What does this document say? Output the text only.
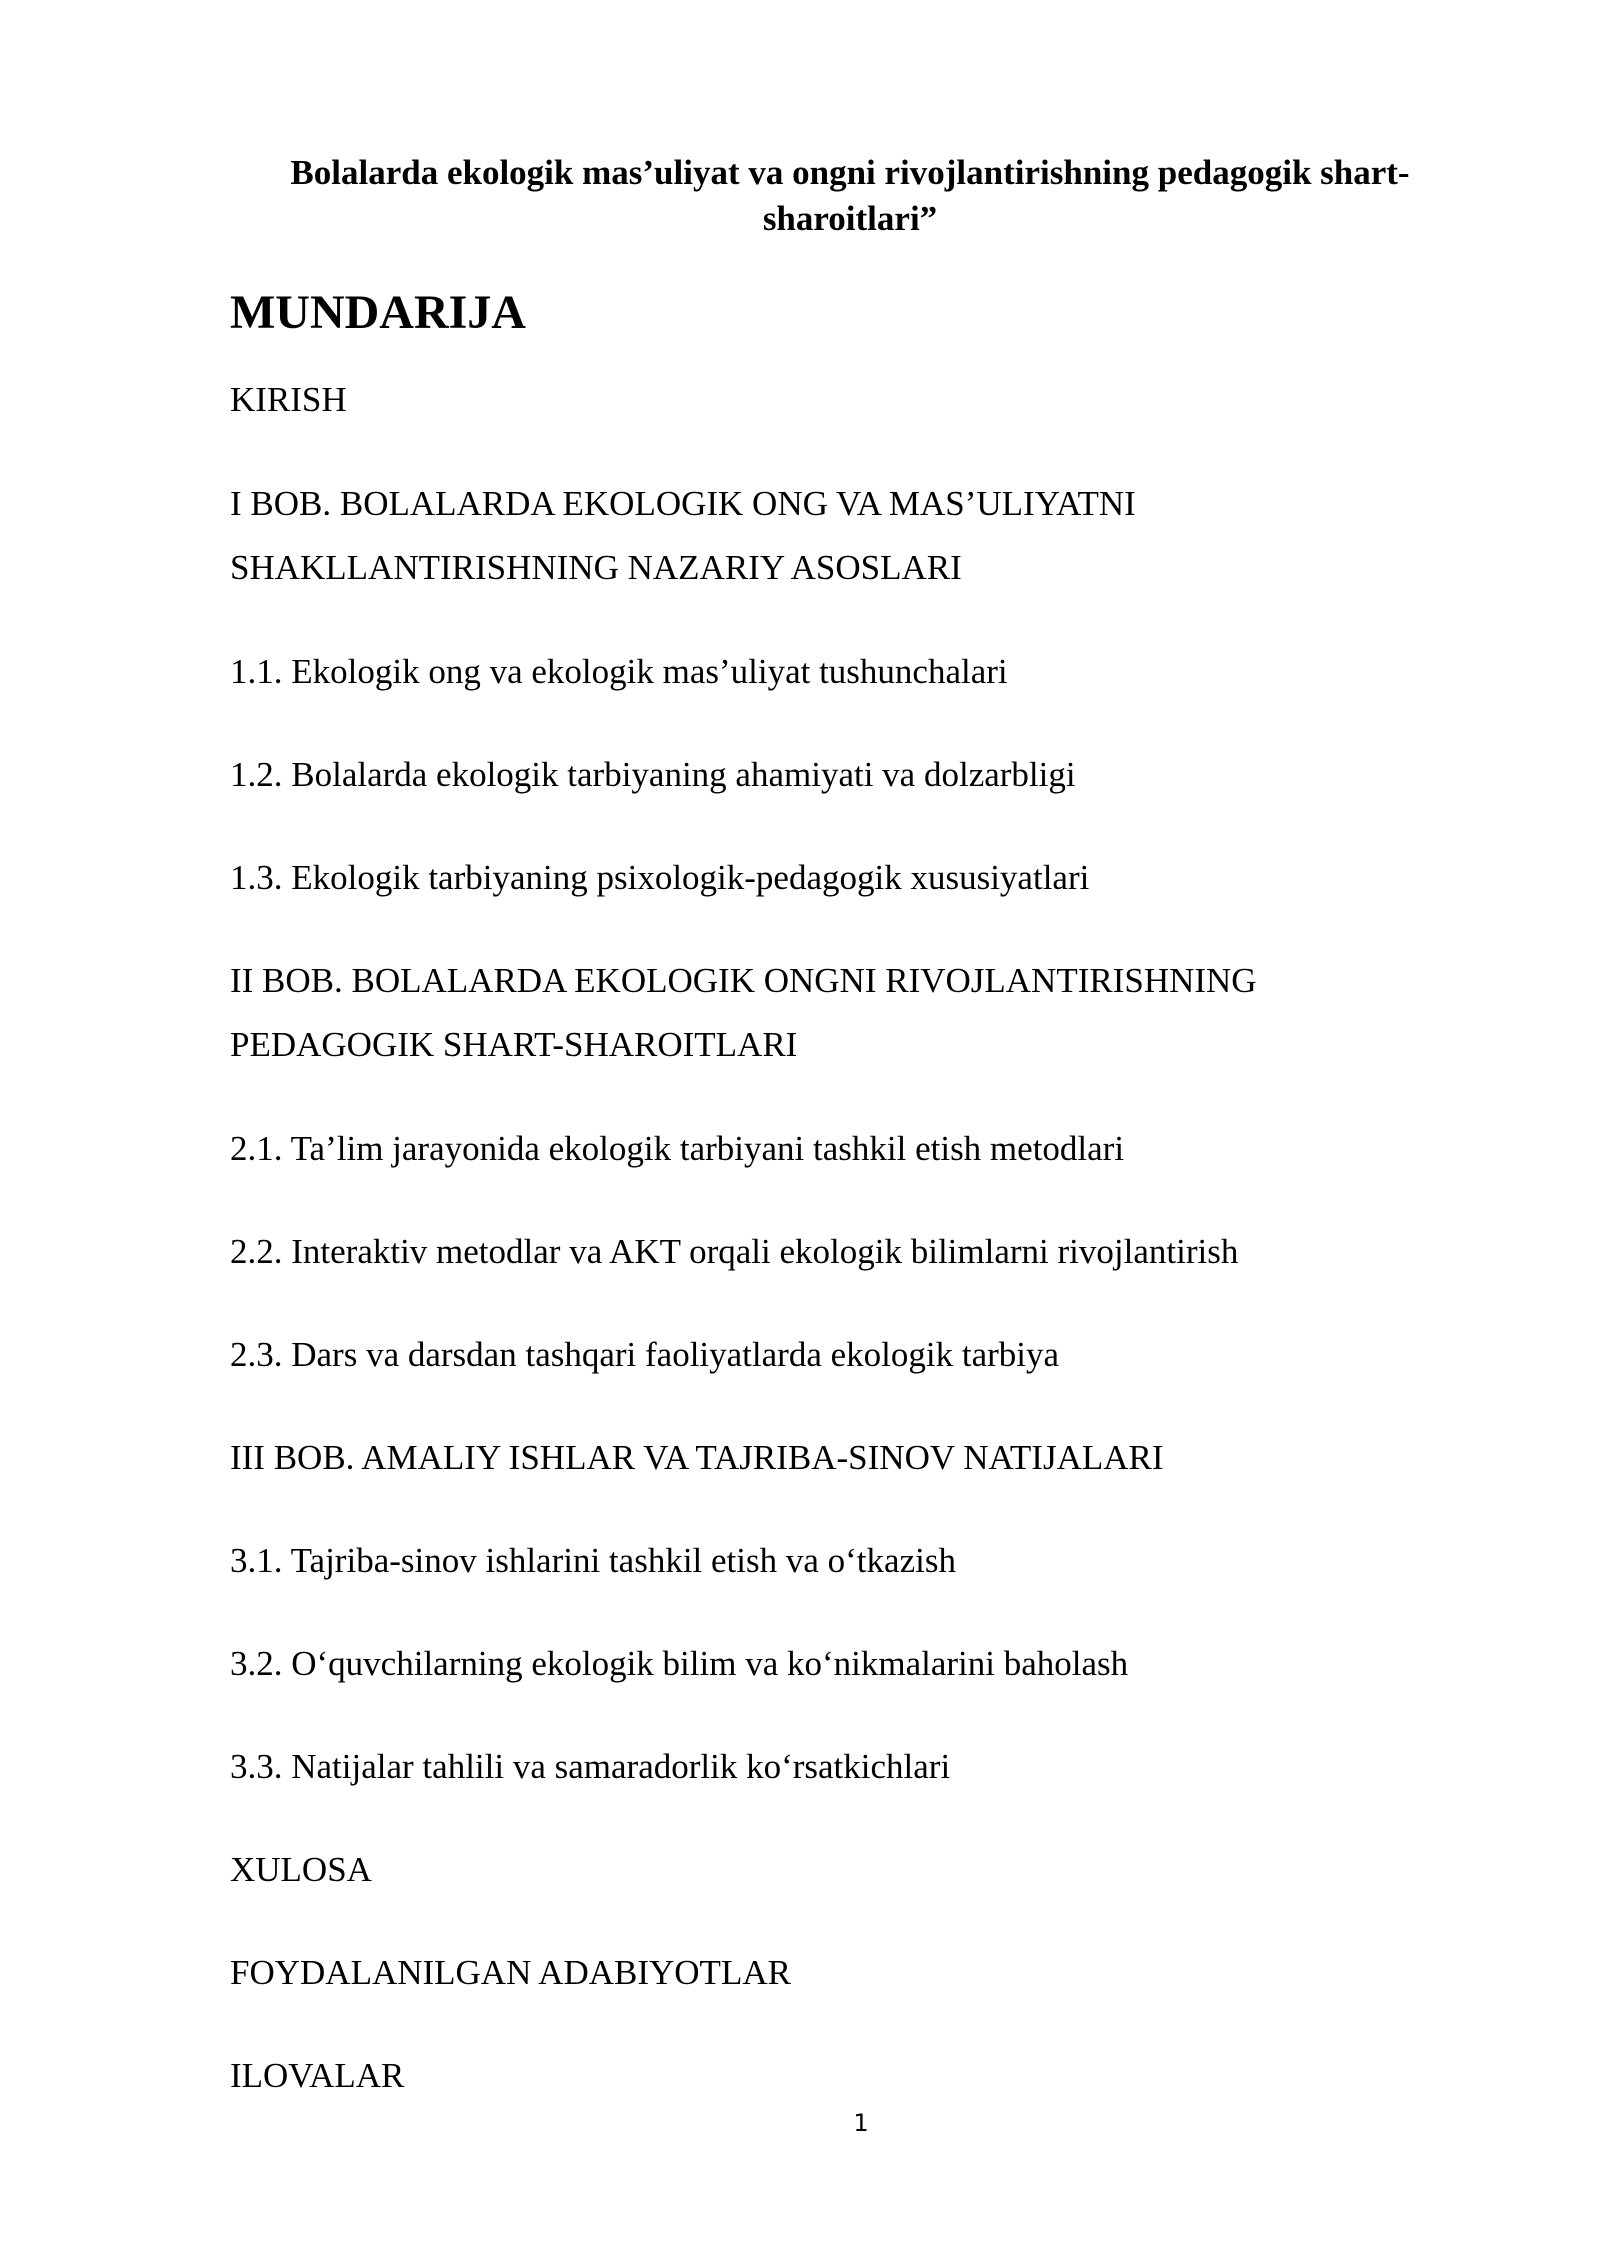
Bolalarda ekologik mas’uliyat va ongni rivojlantirishning pedagogik shart-
sharoitlari”
MUNDARIJA
KIRISH
I BOB. BOLALARDA EKOLOGIK ONG VA MAS’ULIYATNI
SHAKLLANTIRISHNING NAZARIY ASOSLARI
1.1. Ekologik ong va ekologik mas’uliyat tushunchalari
1.2. Bolalarda ekologik tarbiyaning ahamiyati va dolzarbligi
1.3. Ekologik tarbiyaning psixologik-pedagogik xususiyatlari
II BOB. BOLALARDA EKOLOGIK ONGNI RIVOJLANTIRISHNING
PEDAGOGIK SHART-SHAROITLARI
2.1. Ta’lim jarayonida ekologik tarbiyani tashkil etish metodlari
2.2. Interaktiv metodlar va AKT orqali ekologik bilimlarni rivojlantirish
2.3. Dars va darsdan tashqari faoliyatlarda ekologik tarbiya
III BOB. AMALIY ISHLAR VA TAJRIBA-SINOV NATIJALARI
3.1. Tajriba-sinov ishlarini tashkil etish va o‘tkazish
3.2. O‘quvchilarning ekologik bilim va ko‘nikmalarini baholash
3.3. Natijalar tahlili va samaradorlik ko‘rsatkichlari
XULOSA
FOYDALANILGAN ADABIYOTLAR
ILOVALAR
1
